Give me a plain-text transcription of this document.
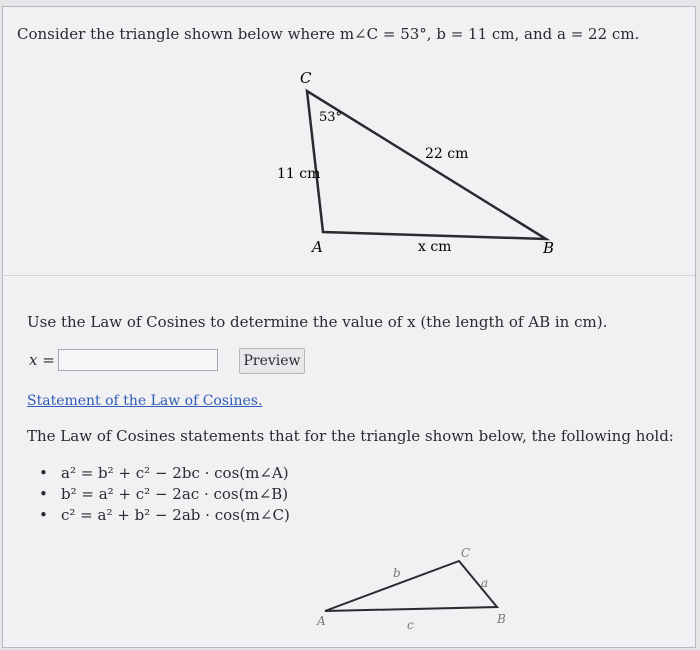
Consider the triangle shown below where m∠C = 53°, b = 11 cm, and a = 22 cm.
C
53°
11 cm
22 cm
A	x cm	B
Use the Law of Cosines to determine the value of x (the length of AB in cm).
x =	Preview
Statement of the Law of Cosines.
The Law of Cosines statements that for the triangle shown below, the following hold:
• a² = b² + c² − 2bc · cos(m∠A)
• b² = a² + c² − 2ac · cos(m∠B)
• c² = a² + b² − 2ab · cos(m∠C)
C
b
a
A	c	B
